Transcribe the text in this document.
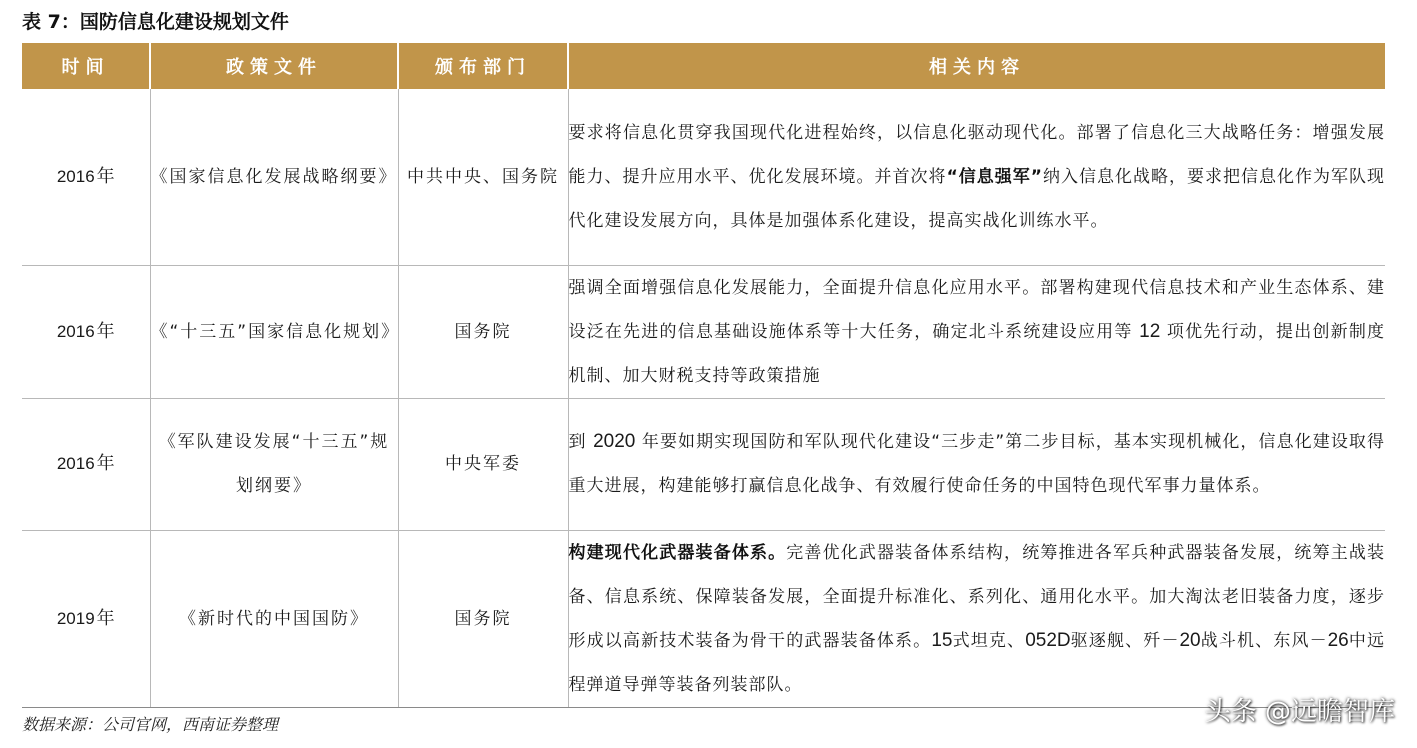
表 7：国防信息化建设规划文件
时间	政策文件	颁布部门	相关内容
2016 年	《国家信息化发展战略纲要》	中共中央、国务院	要求将信息化贯穿我国现代化进程始终，以信息化驱动现代化。部署了信息化三大战略任务：增强发展能力、提升应用水平、优化发展环境。并首次将“信息强军”纳入信息化战略，要求把信息化作为军队现代化建设发展方向，具体是加强体系化建设，提高实战化训练水平。
2016 年	《“十三五”国家信息化规划》	国务院	强调全面增强信息化发展能力，全面提升信息化应用水平。部署构建现代信息技术和产业生态体系、建设泛在先进的信息基础设施体系等十大任务，确定北斗系统建设应用等 12 项优先行动，提出创新制度机制、加大财税支持等政策措施
2016 年	《军队建设发展“十三五”规划纲要》	中央军委	到 2020 年要如期实现国防和军队现代化建设“三步走”第二步目标，基本实现机械化，信息化建设取得重大进展，构建能够打赢信息化战争、有效履行使命任务的中国特色现代军事力量体系。
2019 年	《新时代的中国国防》	国务院	构建现代化武器装备体系。完善优化武器装备体系结构，统筹推进各军兵种武器装备发展，统筹主战装备、信息系统、保障装备发展，全面提升标准化、系列化、通用化水平。加大淘汰老旧装备力度，逐步形成以高新技术装备为骨干的武器装备体系。15式坦克、052D驱逐舰、歼－20战斗机、东风－26中远程弹道导弹等装备列装部队。
数据来源：公司官网，西南证券整理	头条 @远瞻智库
